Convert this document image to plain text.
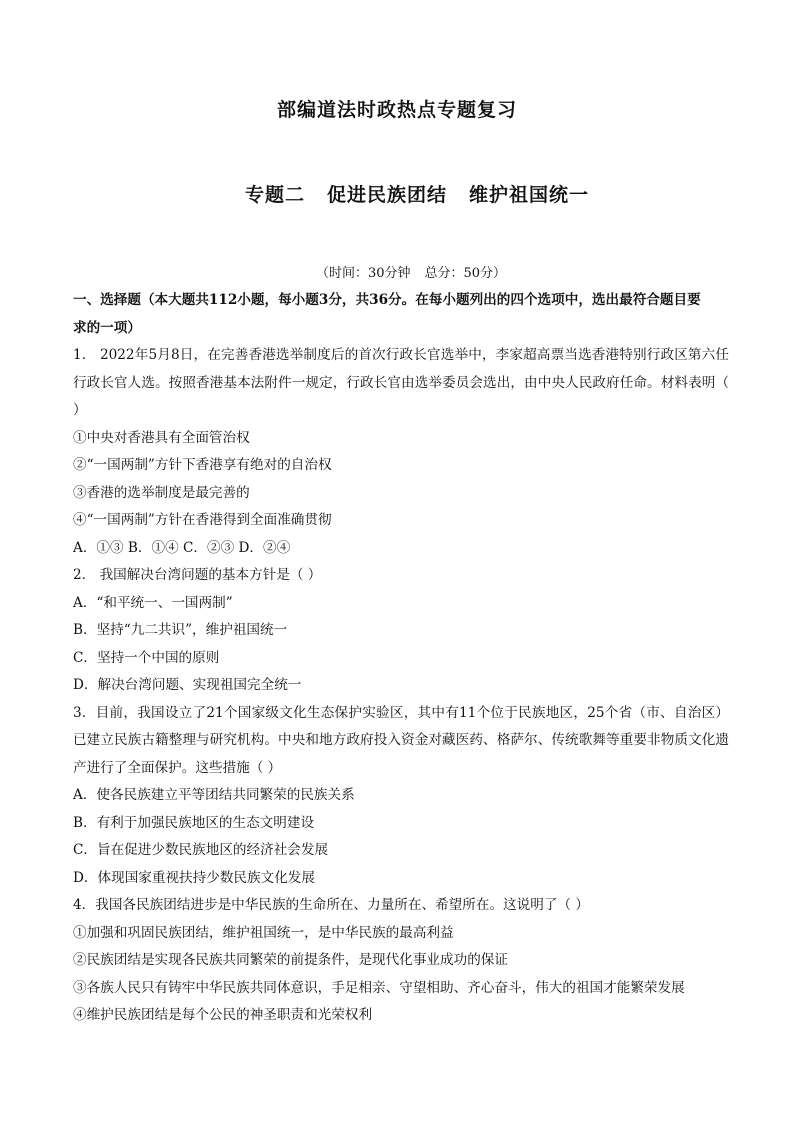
部编道法时政热点专题复习
专题二 促进民族团结 维护祖国统一
（时间：30分钟 总分：50分）
一、选择题（本大题共112小题，每小题3分，共36分。在每小题列出的四个选项中，选出最符合题目要
求的一项）
1． 2022年5月8日，在完善香港选举制度后的首次行政长官选举中，李家超高票当选香港特别行政区第六任行政长官人选。按照香港基本法附件一规定，行政长官由选举委员会选出，由中央人民政府任命。材料表明（ ）
①中央对香港具有全面管治权
②“一国两制”方针下香港享有绝对的自治权
③香港的选举制度是最完善的
④“一国两制”方针在香港得到全面准确贯彻
A．①③ B．①④ C．②③ D．②④
2． 我国解决台湾问题的基本方针是（ ）
A．“和平统一、一国两制”
B．坚持“九二共识”，维护祖国统一
C．坚持一个中国的原则
D．解决台湾问题、实现祖国完全统一
3．目前，我国设立了21个国家级文化生态保护实验区，其中有11个位于民族地区，25个省（市、自治区）已建立民族古籍整理与研究机构。中央和地方政府投入资金对藏医药、格萨尔、传统歌舞等重要非物质文化遗产进行了全面保护。这些措施（ ）
A．使各民族建立平等团结共同繁荣的民族关系
B．有利于加强民族地区的生态文明建设
C．旨在促进少数民族地区的经济社会发展
D．体现国家重视扶持少数民族文化发展
4．我国各民族团结进步是中华民族的生命所在、力量所在、希望所在。这说明了（ ）
①加强和巩固民族团结，维护祖国统一，是中华民族的最高利益
②民族团结是实现各民族共同繁荣的前提条件，是现代化事业成功的保证
③各族人民只有铸牢中华民族共同体意识，手足相亲、守望相助、齐心奋斗，伟大的祖国才能繁荣发展
④维护民族团结是每个公民的神圣职责和光荣权利
